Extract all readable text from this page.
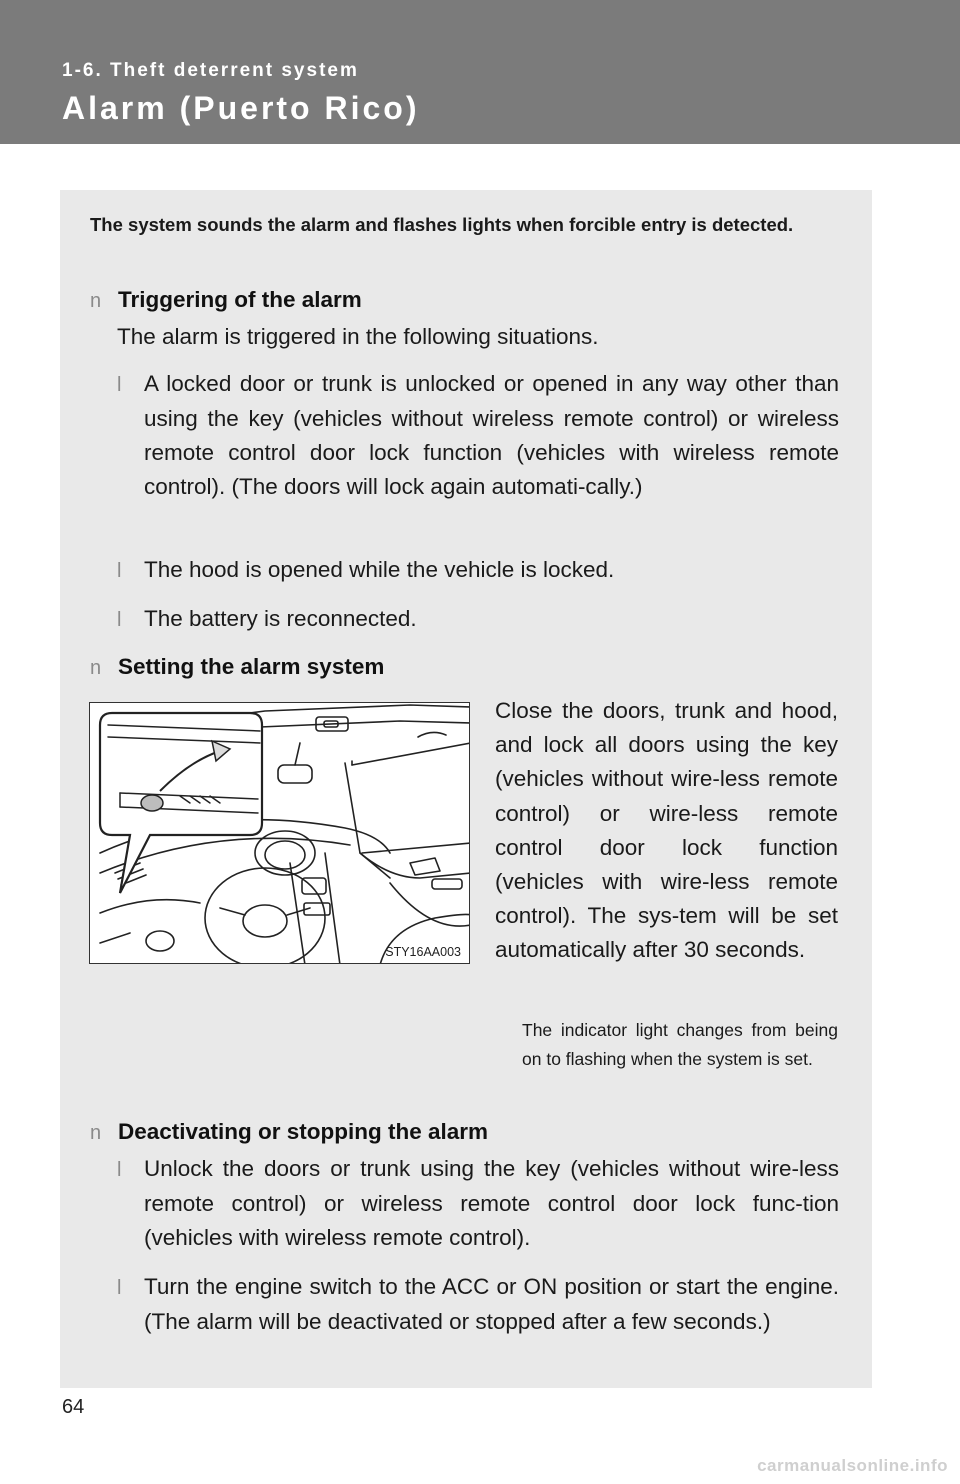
1-6. Theft deterrent system
Alarm (Puerto Rico)
The system sounds the alarm and flashes lights when forcible entry is detected.
n Triggering of the alarm
The alarm is triggered in the following situations.
l A locked door or trunk is unlocked or opened in any way other than using the key (vehicles without wireless remote control) or wireless remote control door lock function (vehicles with wireless remote control). (The doors will lock again automati-cally.)
l The hood is opened while the vehicle is locked.
l The battery is reconnected.
n Setting the alarm system
STY16AA003
Close the doors, trunk and hood, and lock all doors using the key (vehicles without wire-less remote control) or wire-less remote control door lock function (vehicles with wire-less remote control). The sys-tem will be set automatically after 30 seconds.
The indicator light changes from being on to flashing when the system is set.
n Deactivating or stopping the alarm
l Unlock the doors or trunk using the key (vehicles without wire-less remote control) or wireless remote control door lock func-tion (vehicles with wireless remote control).
l Turn the engine switch to the ACC or ON position or start the engine. (The alarm will be deactivated or stopped after a few seconds.)
64
carmanualsonline.info
